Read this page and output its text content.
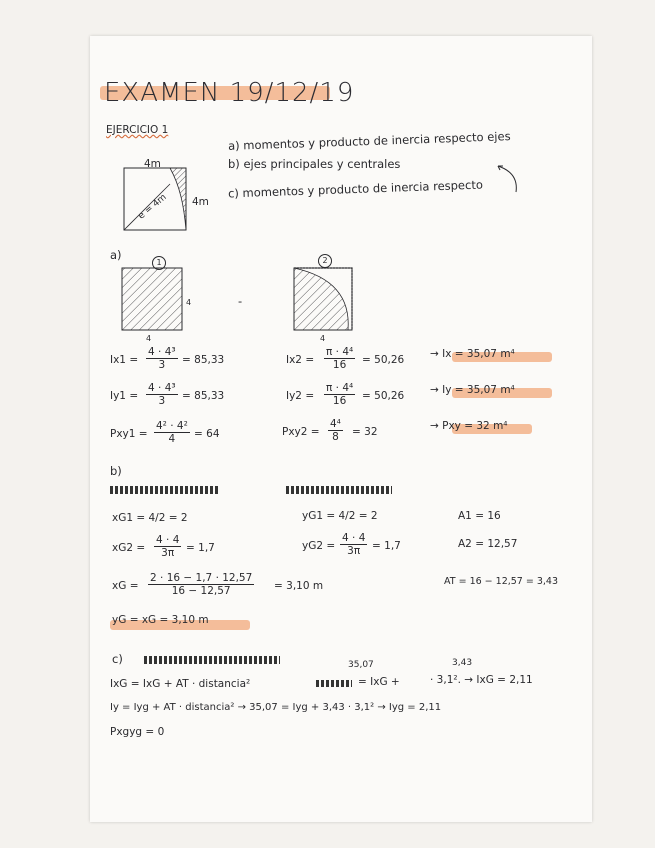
EXAMEN 19/12/19
EJERCICIO 1	a) momentos y producto de inercia respecto ejes
b) ejes principales y centrales
c) momentos y producto de inercia respecto
4m
4m
e = 4m
a)
1
4
4
-
2
4
$Ix1 = \frac{\text{4 · 4³}}{3} = 85,33$	$Ix2 = \frac{\text{π · 4⁴}}{16} = 50,26 \to Ix = 35,07$ m⁴
$Iy1 = \frac{\text{4 · 4³}}{3} = 85,33$	$Iy2 = \frac{\text{π · 4⁴}}{16} = 50,26 \to Iy = 35,07$ m⁴
$Pxy1 = \frac{\text{4² · 4²}}{4} = 64$	$Pxy2 = \frac{\text{4⁴}}{8} = 32$	→ Pxy = 32 m⁴
b)
xG1 = 4/2 = 2	yG1 = 4/2 = 2	A1 = 16
$xG2 = \frac{4 \cdot 4}{3\pi} = 1,7$	$yG2 = \frac{4 \cdot 4}{3\pi} = 1,7$	A2 = 12,57
xG = $\frac{2 \cdot 16 - 1,7 \cdot 12,57}{16 - 12,57} = 3,10$ m	AT = 16 − 12,57 = 3,43
yG = xG = 3,10 m
c)	35,07	3,43
IxG = IxG + AT · distancia²	= IxG +	· 3,1². → IxG = 2,11
Iy = Iyg + AT · distancia² → 35,07 = Iyg + 3,43 · 3,1² → Iyg = 2,11
Pxgyg = 0
